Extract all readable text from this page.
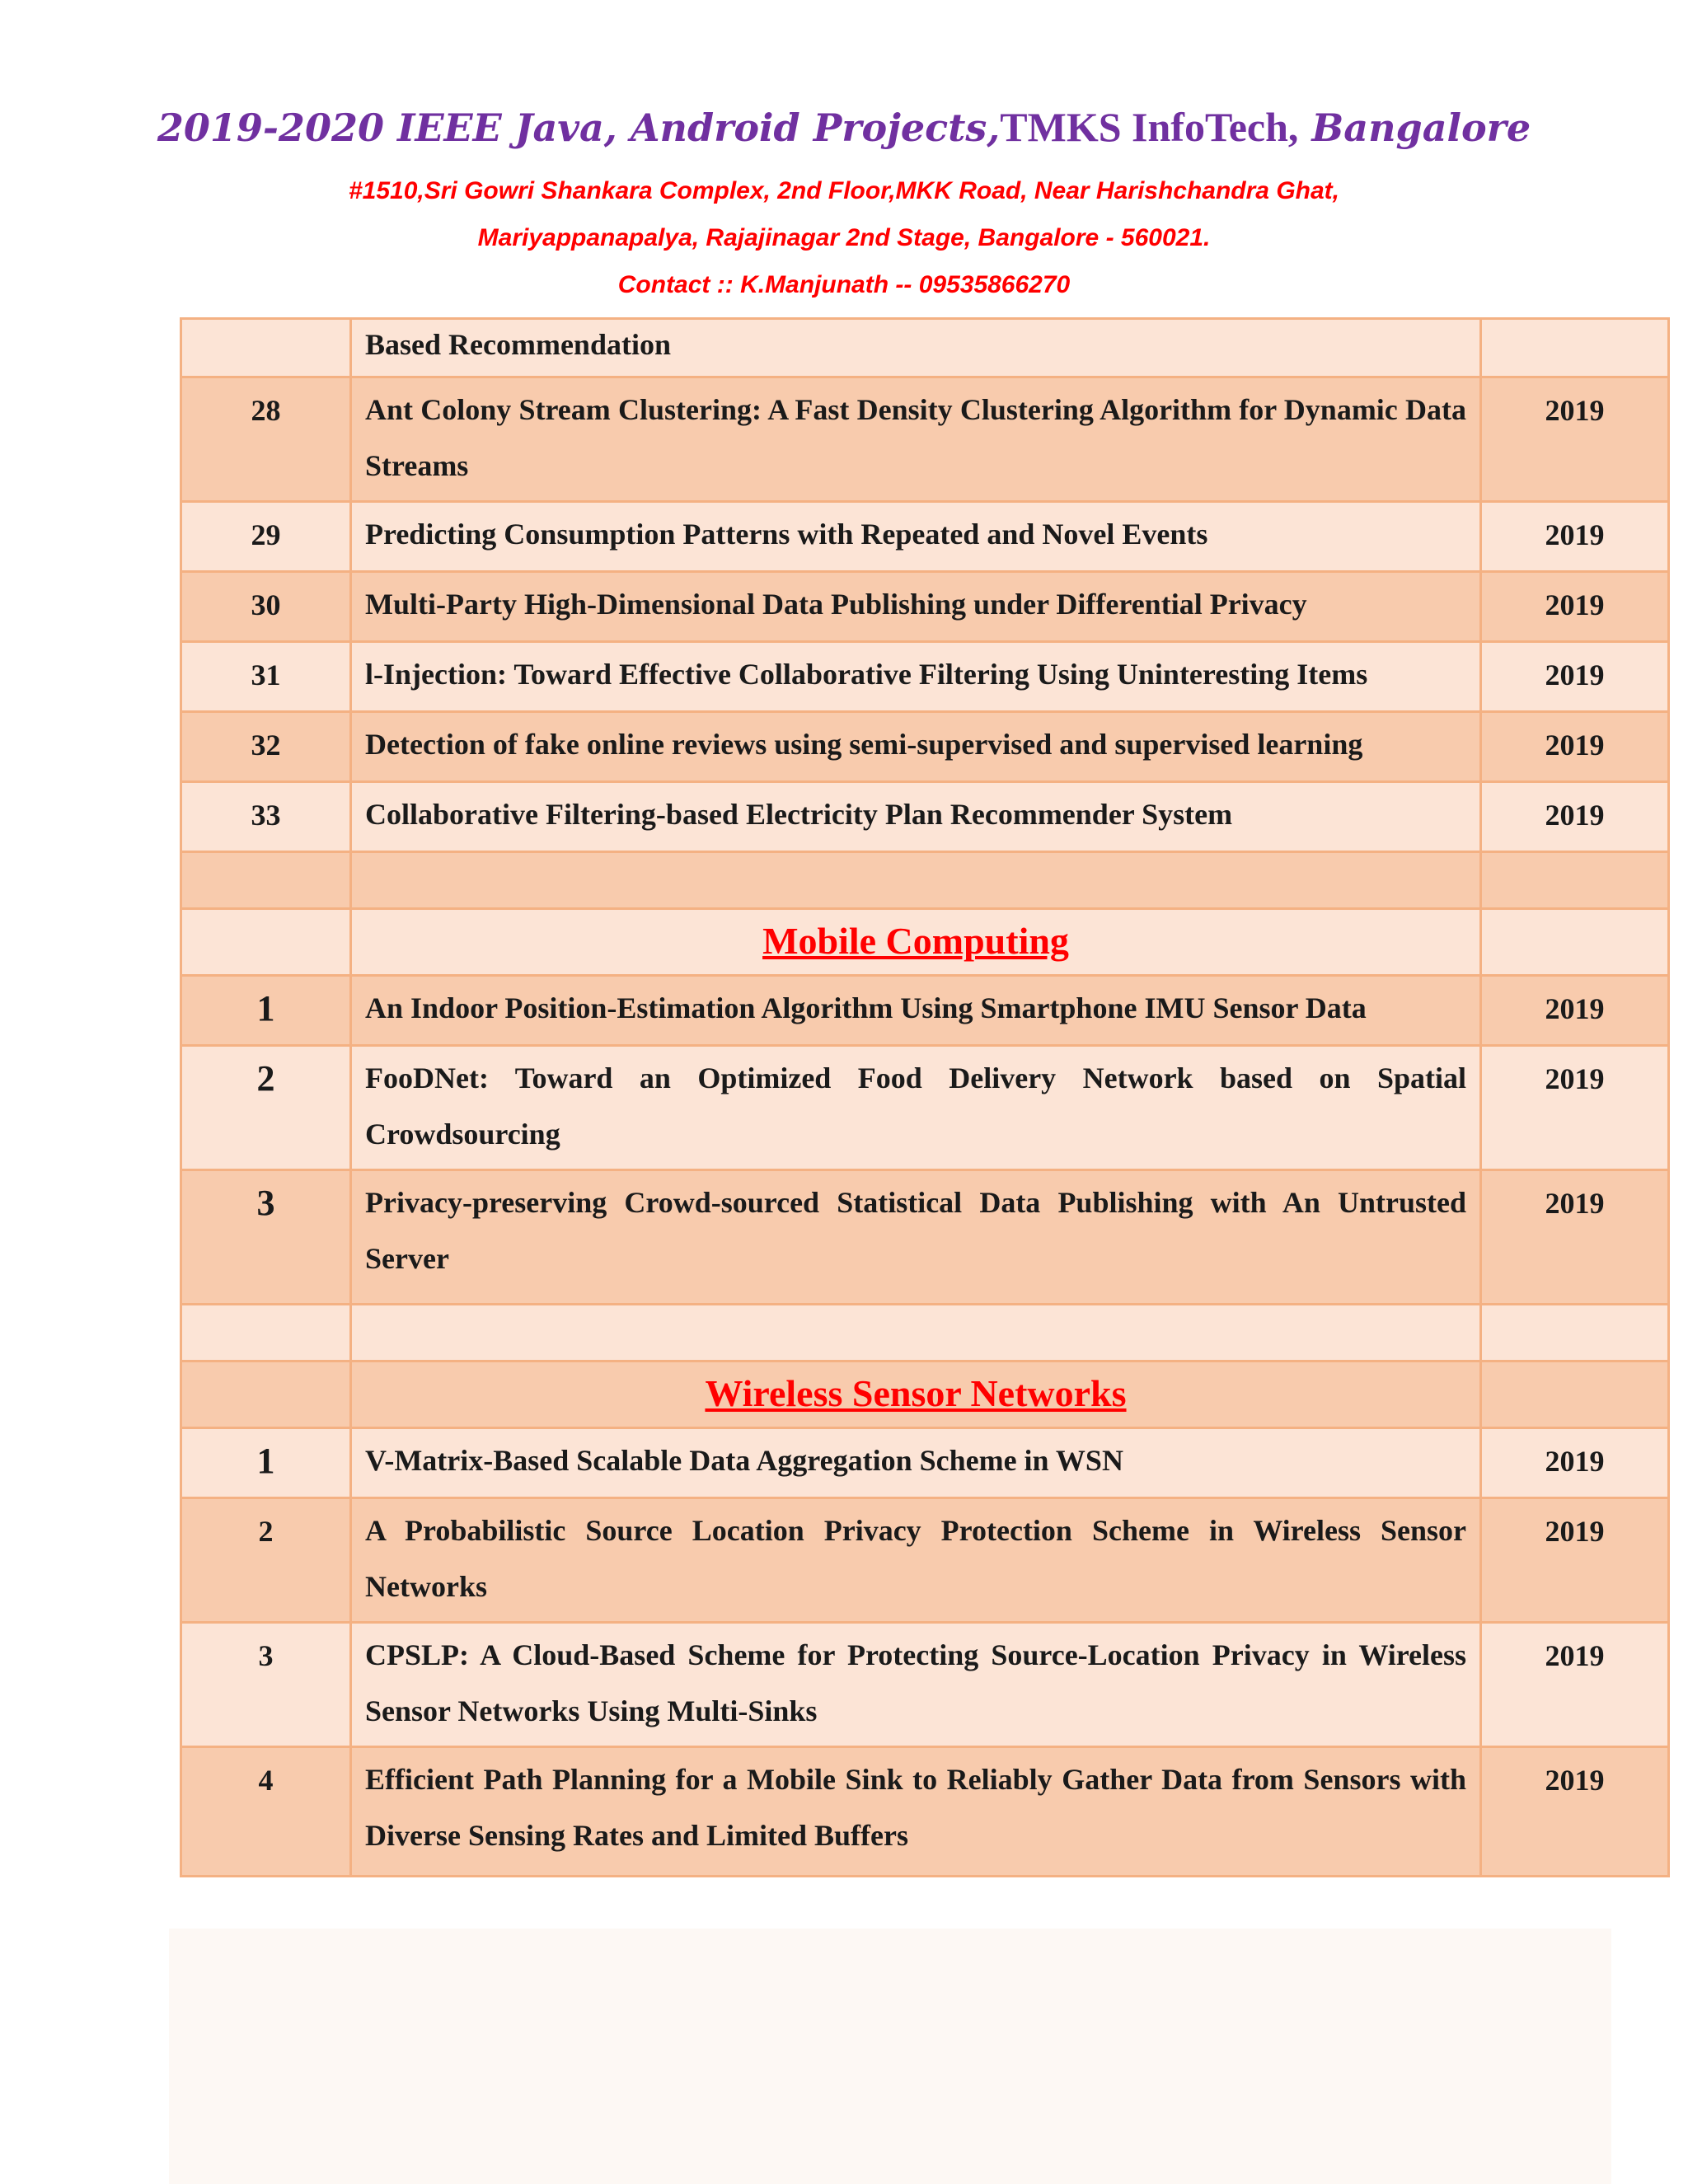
2019-2020 IEEE Java, Android Projects,TMKS InfoTech, Bangalore
#1510,Sri Gowri Shankara Complex, 2nd Floor,MKK Road, Near Harishchandra Ghat,
Mariyappanapalya, Rajajinagar 2nd Stage, Bangalore - 560021.
Contact :: K.Manjunath -- 09535866270
	Based Recommendation	
28	Ant Colony Stream Clustering: A Fast Density Clustering Algorithm for Dynamic Data Streams	2019
29	Predicting Consumption Patterns with Repeated and Novel Events	2019
30	Multi-Party High-Dimensional Data Publishing under Differential Privacy	2019
31	l-Injection: Toward Effective Collaborative Filtering Using Uninteresting Items	2019
32	Detection of fake online reviews using semi-supervised and supervised learning	2019
33	Collaborative Filtering-based Electricity Plan Recommender System	2019

	Mobile Computing	

1	An Indoor Position-Estimation Algorithm Using Smartphone IMU Sensor Data	2019
2	FooDNet: Toward an Optimized Food Delivery Network based on Spatial Crowdsourcing	2019
3	Privacy-preserving Crowd-sourced Statistical Data Publishing with An Untrusted Server	2019

	Wireless Sensor Networks	

1	V-Matrix-Based Scalable Data Aggregation Scheme in WSN	2019
2	A Probabilistic Source Location Privacy Protection Scheme in Wireless Sensor Networks	2019
3	CPSLP: A Cloud-Based Scheme for Protecting Source-Location Privacy in Wireless Sensor Networks Using Multi-Sinks	2019
4	Efficient Path Planning for a Mobile Sink to Reliably Gather Data from Sensors with Diverse Sensing Rates and Limited Buffers	2019
